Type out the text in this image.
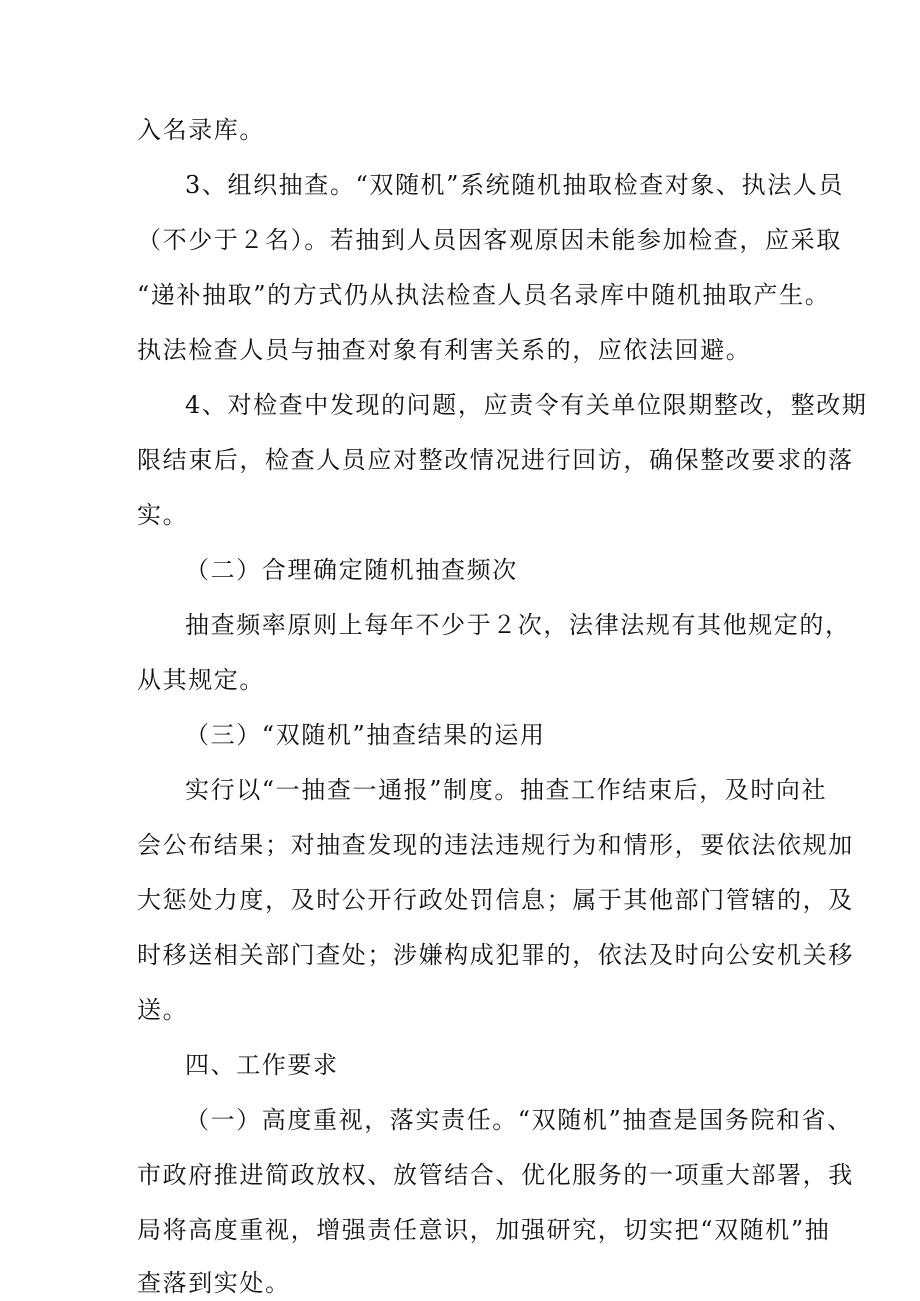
入名录库。

3、组织抽查。“双随机”系统随机抽取检查对象、执法人员

（不少于２名）。若抽到人员因客观原因未能参加检查，应采取

“递补抽取”的方式仍从执法检查人员名录库中随机抽取产生。

执法检查人员与抽查对象有利害关系的，应依法回避。

4、对检查中发现的问题，应责令有关单位限期整改，整改期

限结束后，检查人员应对整改情况进行回访，确保整改要求的落

实。

（二）合理确定随机抽查频次

抽查频率原则上每年不少于２次，法律法规有其他规定的，

从其规定。

（三）“双随机”抽查结果的运用

实行以“一抽查一通报”制度。抽查工作结束后，及时向社

会公布结果；对抽查发现的违法违规行为和情形，要依法依规加

大惩处力度，及时公开行政处罚信息；属于其他部门管辖的，及

时移送相关部门查处；涉嫌构成犯罪的，依法及时向公安机关移

送。

四、工作要求

（一）高度重视，落实责任。“双随机”抽查是国务院和省、

市政府推进简政放权、放管结合、优化服务的一项重大部署，我

局将高度重视，增强责任意识，加强研究，切实把“双随机”抽

查落到实处。
